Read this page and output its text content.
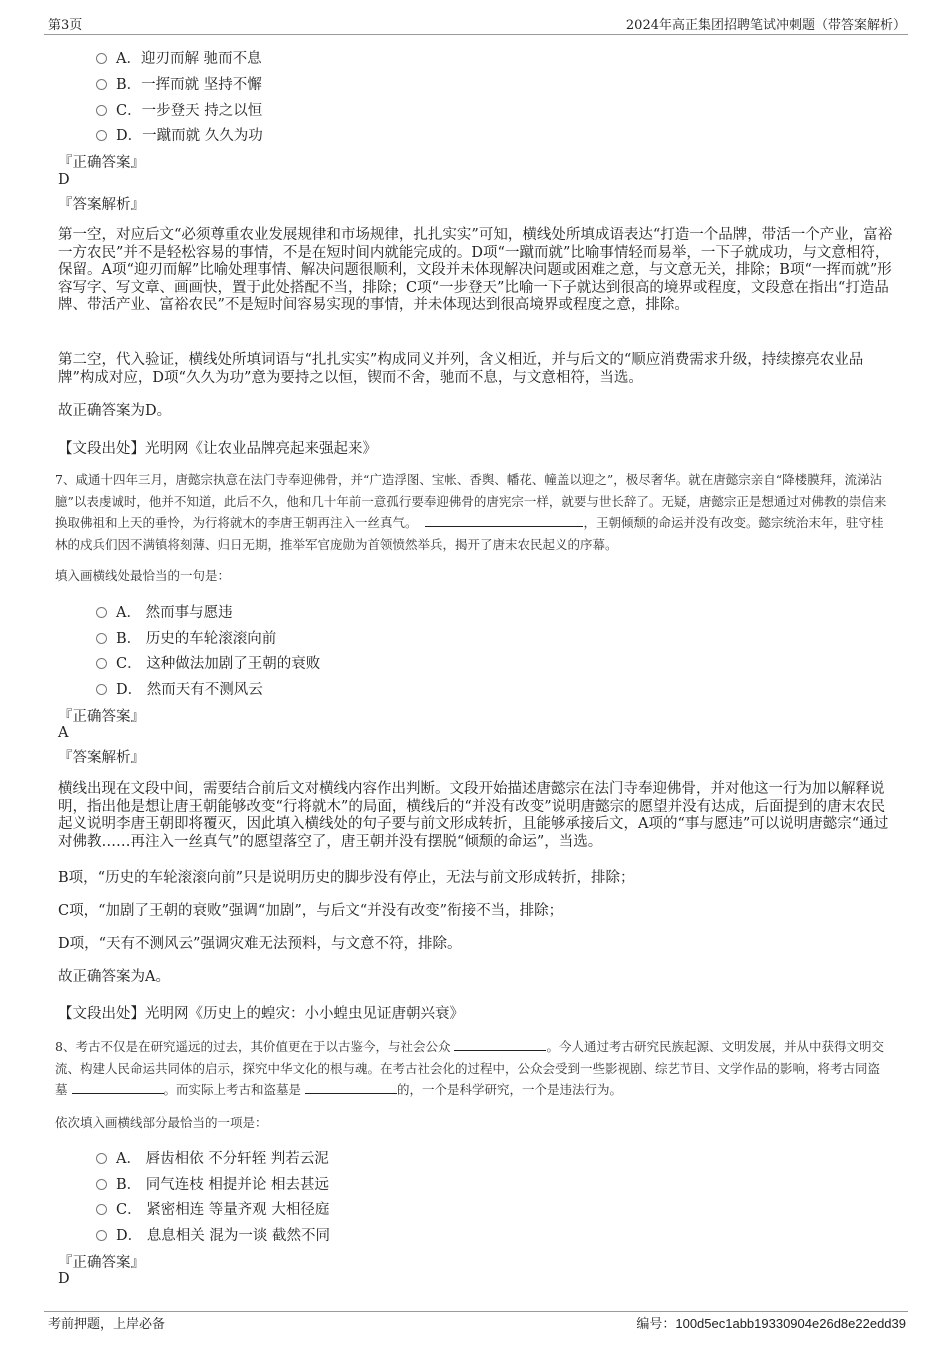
第3页	2024年高正集团招聘笔试冲刺题（带答案解析）
A．迎刃而解 驰而不息
B．一挥而就 坚持不懈
C．一步登天 持之以恒
D．一蹴而就 久久为功
『正确答案』
D
『答案解析』
第一空，对应后文“必须尊重农业发展规律和市场规律，扎扎实实”可知，横线处所填成语表达“打造一个品牌，带活一个产业，富裕一方农民”并不是轻松容易的事情，不是在短时间内就能完成的。D项“一蹴而就”比喻事情轻而易举，一下子就成功，与文意相符，保留。A项“迎刃而解”比喻处理事情、解决问题很顺利，文段并未体现解决问题或困难之意，与文意无关，排除；B项“一挥而就”形容写字、写文章、画画快，置于此处搭配不当，排除；C项“一步登天”比喻一下子就达到很高的境界或程度，文段意在指出“打造品牌、带活产业、富裕农民”不是短时间容易实现的事情，并未体现达到很高境界或程度之意，排除。
第二空，代入验证，横线处所填词语与“扎扎实实”构成同义并列，含义相近，并与后文的“顺应消费需求升级，持续擦亮农业品牌”构成对应，D项“久久为功”意为要持之以恒，锲而不舍，驰而不息，与文意相符，当选。
故正确答案为D。
【文段出处】光明网《让农业品牌亮起来强起来》
7、咸通十四年三月，唐懿宗执意在法门寺奉迎佛骨，并“广造浮图、宝帐、香舆、幡花、幢盖以迎之”，极尽奢华。就在唐懿宗亲自“降楼膜拜，流涕沾臆”以表虔诚时，他并不知道，此后不久，他和几十年前一意孤行要奉迎佛骨的唐宪宗一样，就要与世长辞了。无疑，唐懿宗正是想通过对佛教的崇信来换取佛祖和上天的垂怜，为行将就木的李唐王朝再注入一丝真气。	，王朝倾颓的命运并没有改变。懿宗统治末年，驻守桂林的戍兵们因不满镇将刻薄、归日无期，推举军官庞勋为首领愤然举兵，揭开了唐末农民起义的序幕。
填入画横线处最恰当的一句是：
A． 然而事与愿违
B． 历史的车轮滚滚向前
C． 这种做法加剧了王朝的衰败
D． 然而天有不测风云
『正确答案』
A
『答案解析』
横线出现在文段中间，需要结合前后文对横线内容作出判断。文段开始描述唐懿宗在法门寺奉迎佛骨，并对他这一行为加以解释说明，指出他是想让唐王朝能够改变“行将就木”的局面，横线后的“并没有改变”说明唐懿宗的愿望并没有达成，后面提到的唐末农民起义说明李唐王朝即将覆灭，因此填入横线处的句子要与前文形成转折，且能够承接后文，A项的“事与愿违”可以说明唐懿宗“通过对佛教……再注入一丝真气”的愿望落空了，唐王朝并没有摆脱“倾颓的命运”，当选。
B项，“历史的车轮滚滚向前”只是说明历史的脚步没有停止，无法与前文形成转折，排除；
C项，“加剧了王朝的衰败”强调“加剧”，与后文“并没有改变”衔接不当，排除；
D项，“天有不测风云”强调灾难无法预料，与文意不符，排除。
故正确答案为A。
【文段出处】光明网《历史上的蝗灾：小小蝗虫见证唐朝兴衰》
8、考古不仅是在研究遥远的过去，其价值更在于以古鉴今，与社会公众	。今人通过考古研究民族起源、文明发展，并从中获得文明交流、构建人民命运共同体的启示，探究中华文化的根与魂。在考古社会化的过程中，公众会受到一些影视剧、综艺节目、文学作品的影响，将考古同盗墓	。而实际上考古和盗墓是	的，一个是科学研究，一个是违法行为。
依次填入画横线部分最恰当的一项是：
A． 唇齿相依 不分轩轾 判若云泥
B． 同气连枝 相提并论 相去甚远
C． 紧密相连 等量齐观 大相径庭
D． 息息相关 混为一谈 截然不同
『正确答案』
D
考前押题，上岸必备	编号：100d5ec1abb19330904e26d8e22edd39
